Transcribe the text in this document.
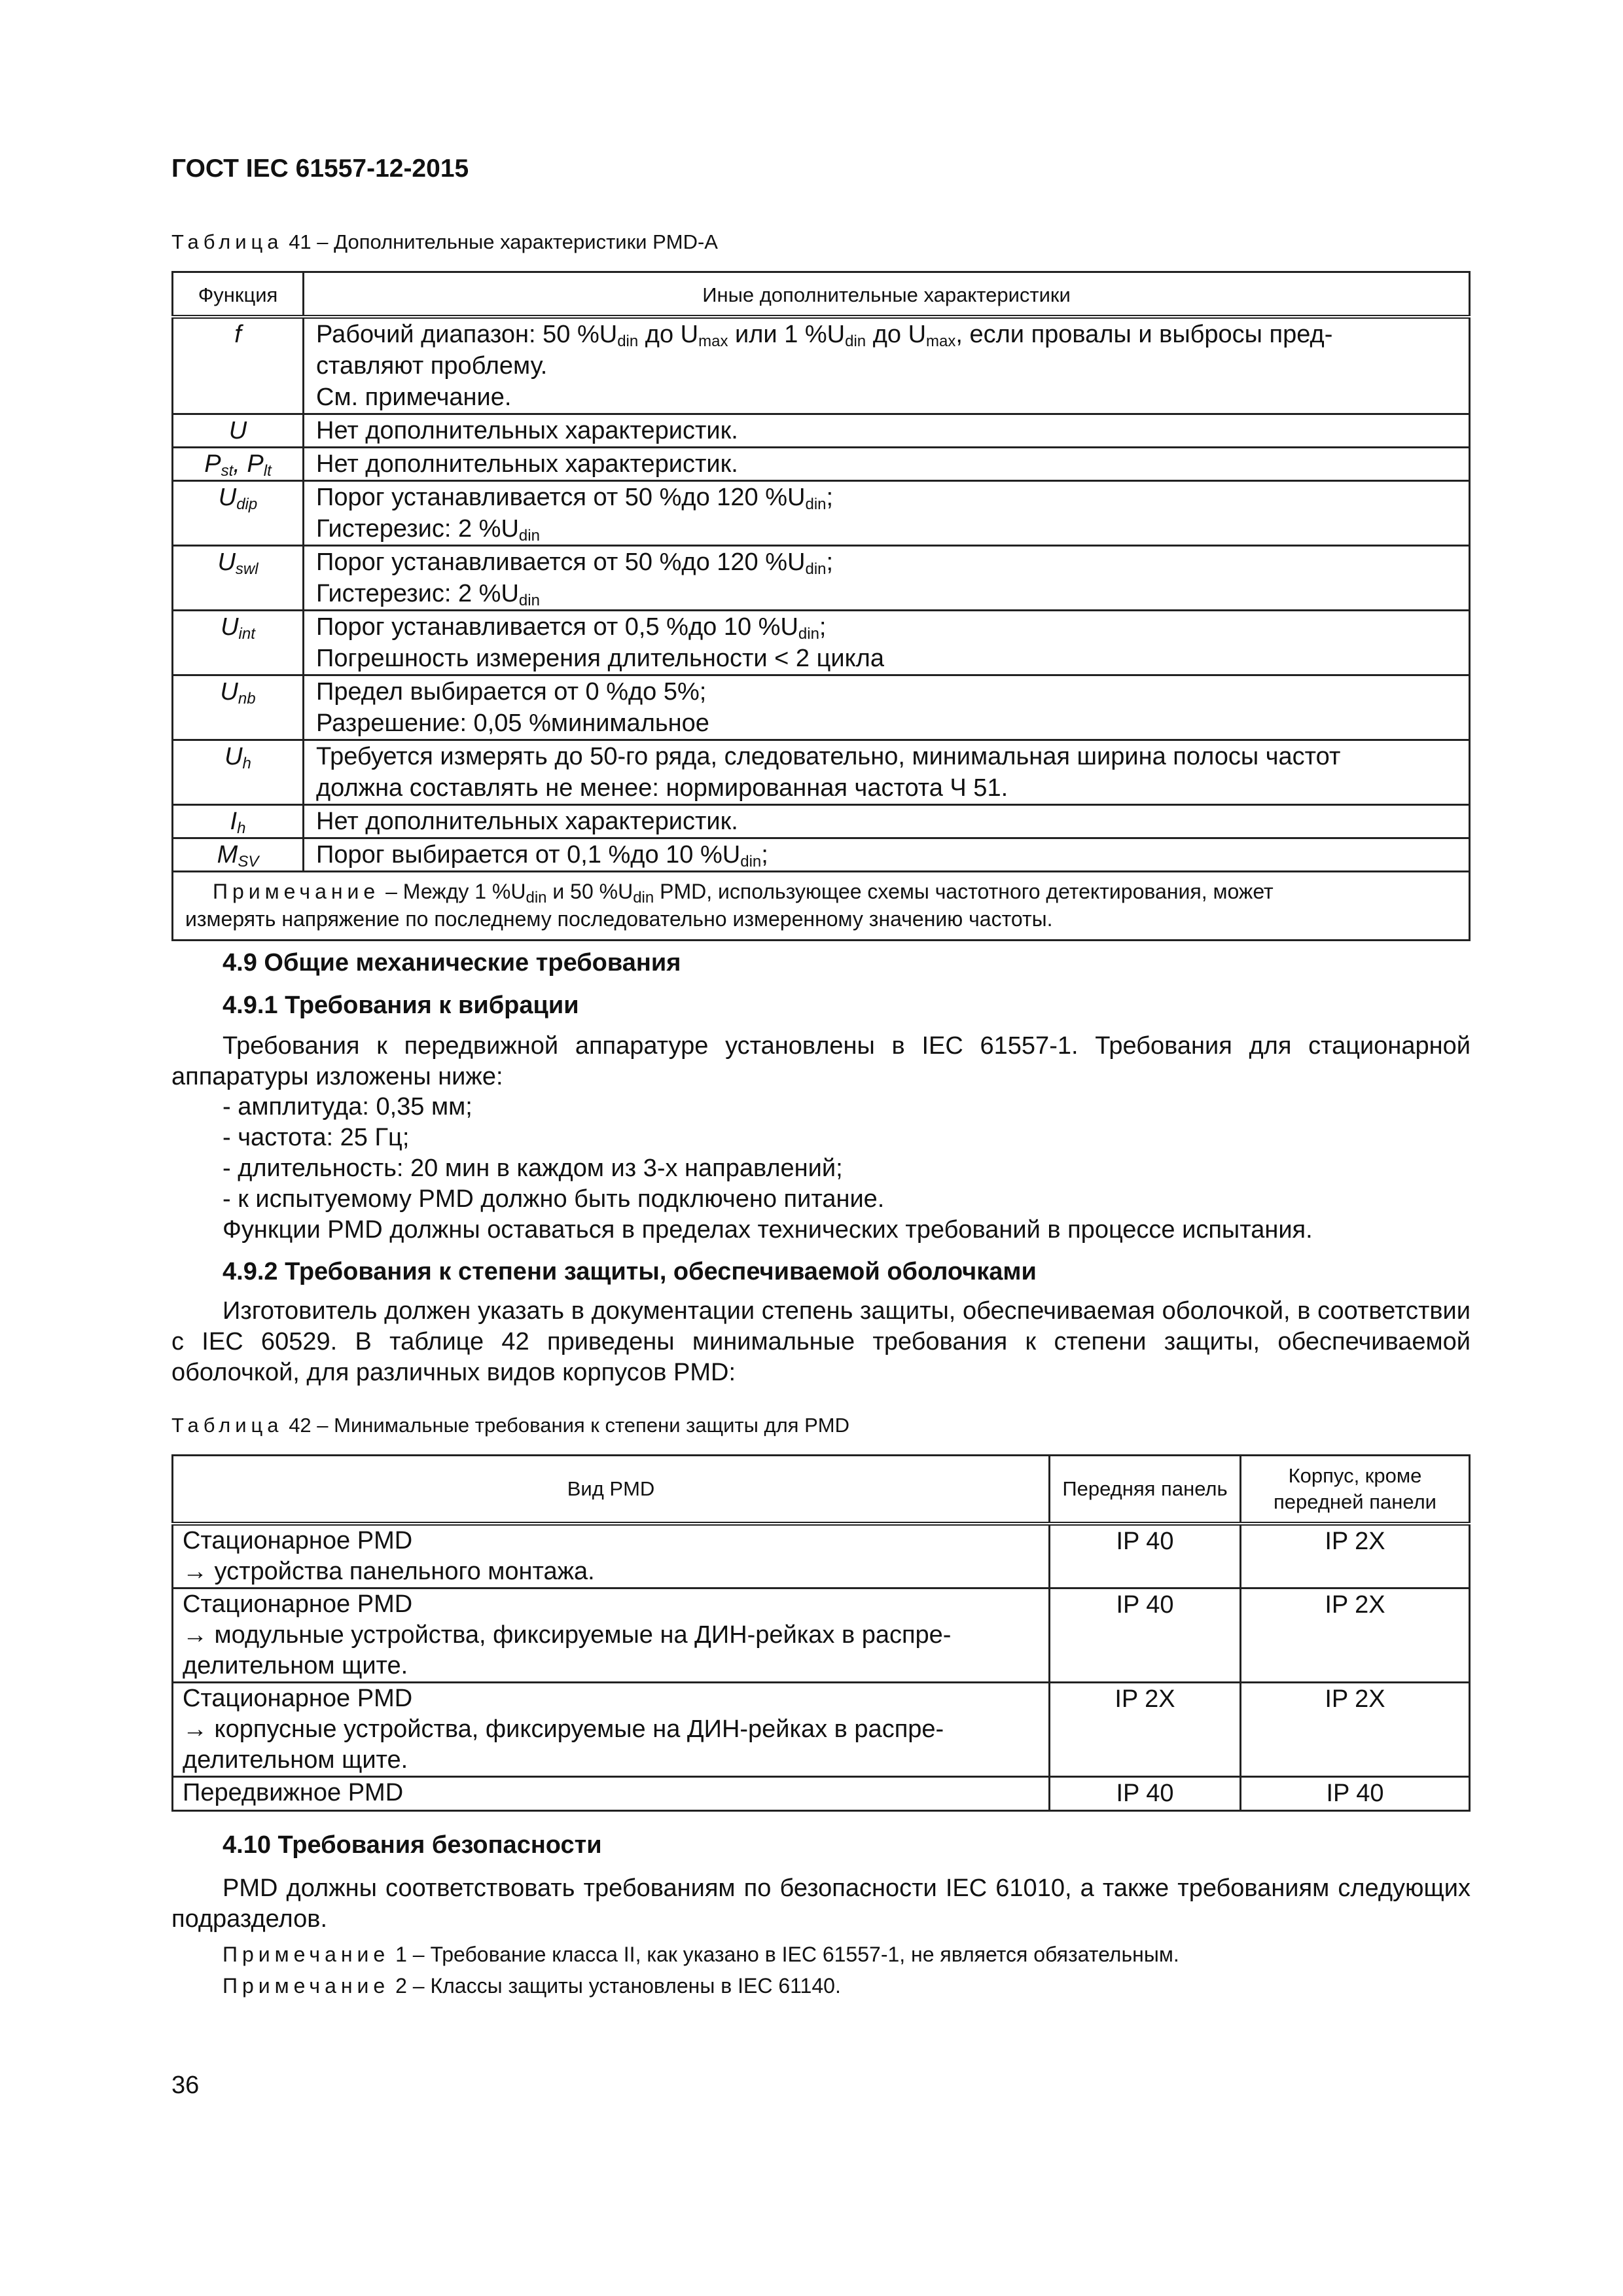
ГОСТ IEC 61557-12-2015
Таблица 41 – Дополнительные характеристики PMD-A
Функция	Иные дополнительные характеристики
f	Рабочий диапазон: 50 $\%U_{din}$ до $U_{max}$ или 1 $\%U_{din}$ до $U_{max}$, если провалы и выбросы пред-
ставляют проблему.
См. примечание.

U	Нет дополнительных характеристик.

$P_{st}$, $P_{lt}$	Нет дополнительных характеристик.

$U_{dip}$	Порог устанавливается от 50 %до 120 $\%U_{din}$;
Гистерезис: 2 $\%U_{din}$

$U_{swl}$	Порог устанавливается от 50 %до 120 $\%U_{din}$;
Гистерезис: 2 $\%U_{din}$

$U_{int}$	Порог устанавливается от 0,5 %до 10 $\%U_{din}$;
Погрешность измерения длительности < 2 цикла

$U_{nb}$	Предел выбирается от 0 %до 5%;
Разрешение: 0,05 %минимальное

$U_h$	Требуется измерять до 50-го ряда, следовательно, минимальная ширина полосы частот
должна составлять не менее: нормированная частота Ч 51.

$I_h$	Нет дополнительных характеристик.

$M_{SV}$	Порог выбирается от 0,1 %до 10 $\%U_{din}$;

Примечание – Между 1 $\%U_{din}$ и 50 $\%U_{din}$ PMD, использующее схемы частотного детектирования, может
измерять напряжение по последнему последовательно измеренному значению частоты.	
4.9 Общие механические требования
4.9.1 Требования к вибрации
Требования к передвижной аппаратуре установлены в IEC 61557-1. Требования для стационарной аппаратуры изложены ниже:
- амплитуда: 0,35 мм;
- частота: 25 Гц;
- длительность: 20 мин в каждом из 3-х направлений;
- к испытуемому PMD должно быть подключено питание.
Функции PMD должны оставаться в пределах технических требований в процессе испытания.
4.9.2 Требования к степени защиты, обеспечиваемой оболочками
Изготовитель должен указать в документации степень защиты, обеспечиваемая оболочкой, в соответствии с IEC 60529. В таблице 42 приведены минимальные требования к степени защиты, обеспечиваемой оболочкой, для различных видов корпусов PMD:
Таблица 42 – Минимальные требования к степени защиты для PMD
Вид PMD	Передняя панель	Корпус, кроме передней панели
Стационарное PMD
→ устройства панельного монтажа.	IP 40	IP 2X
Стационарное PMD
→ модульные устройства, фиксируемые на ДИН-рейках в распре-
делительном щите.	IP 40	IP 2X
Стационарное PMD
→ корпусные устройства, фиксируемые на ДИН-рейках в распре-
делительном щите.	IP 2X	IP 2X
Передвижное PMD	IP 40	IP 40
4.10 Требования безопасности
PMD должны соответствовать требованиям по безопасности IEC 61010, а также требованиям следующих подразделов.
Примечание 1 – Требование класса II, как указано в IEC 61557-1, не является обязательным.
Примечание 2 – Классы защиты установлены в IEC 61140.
36
